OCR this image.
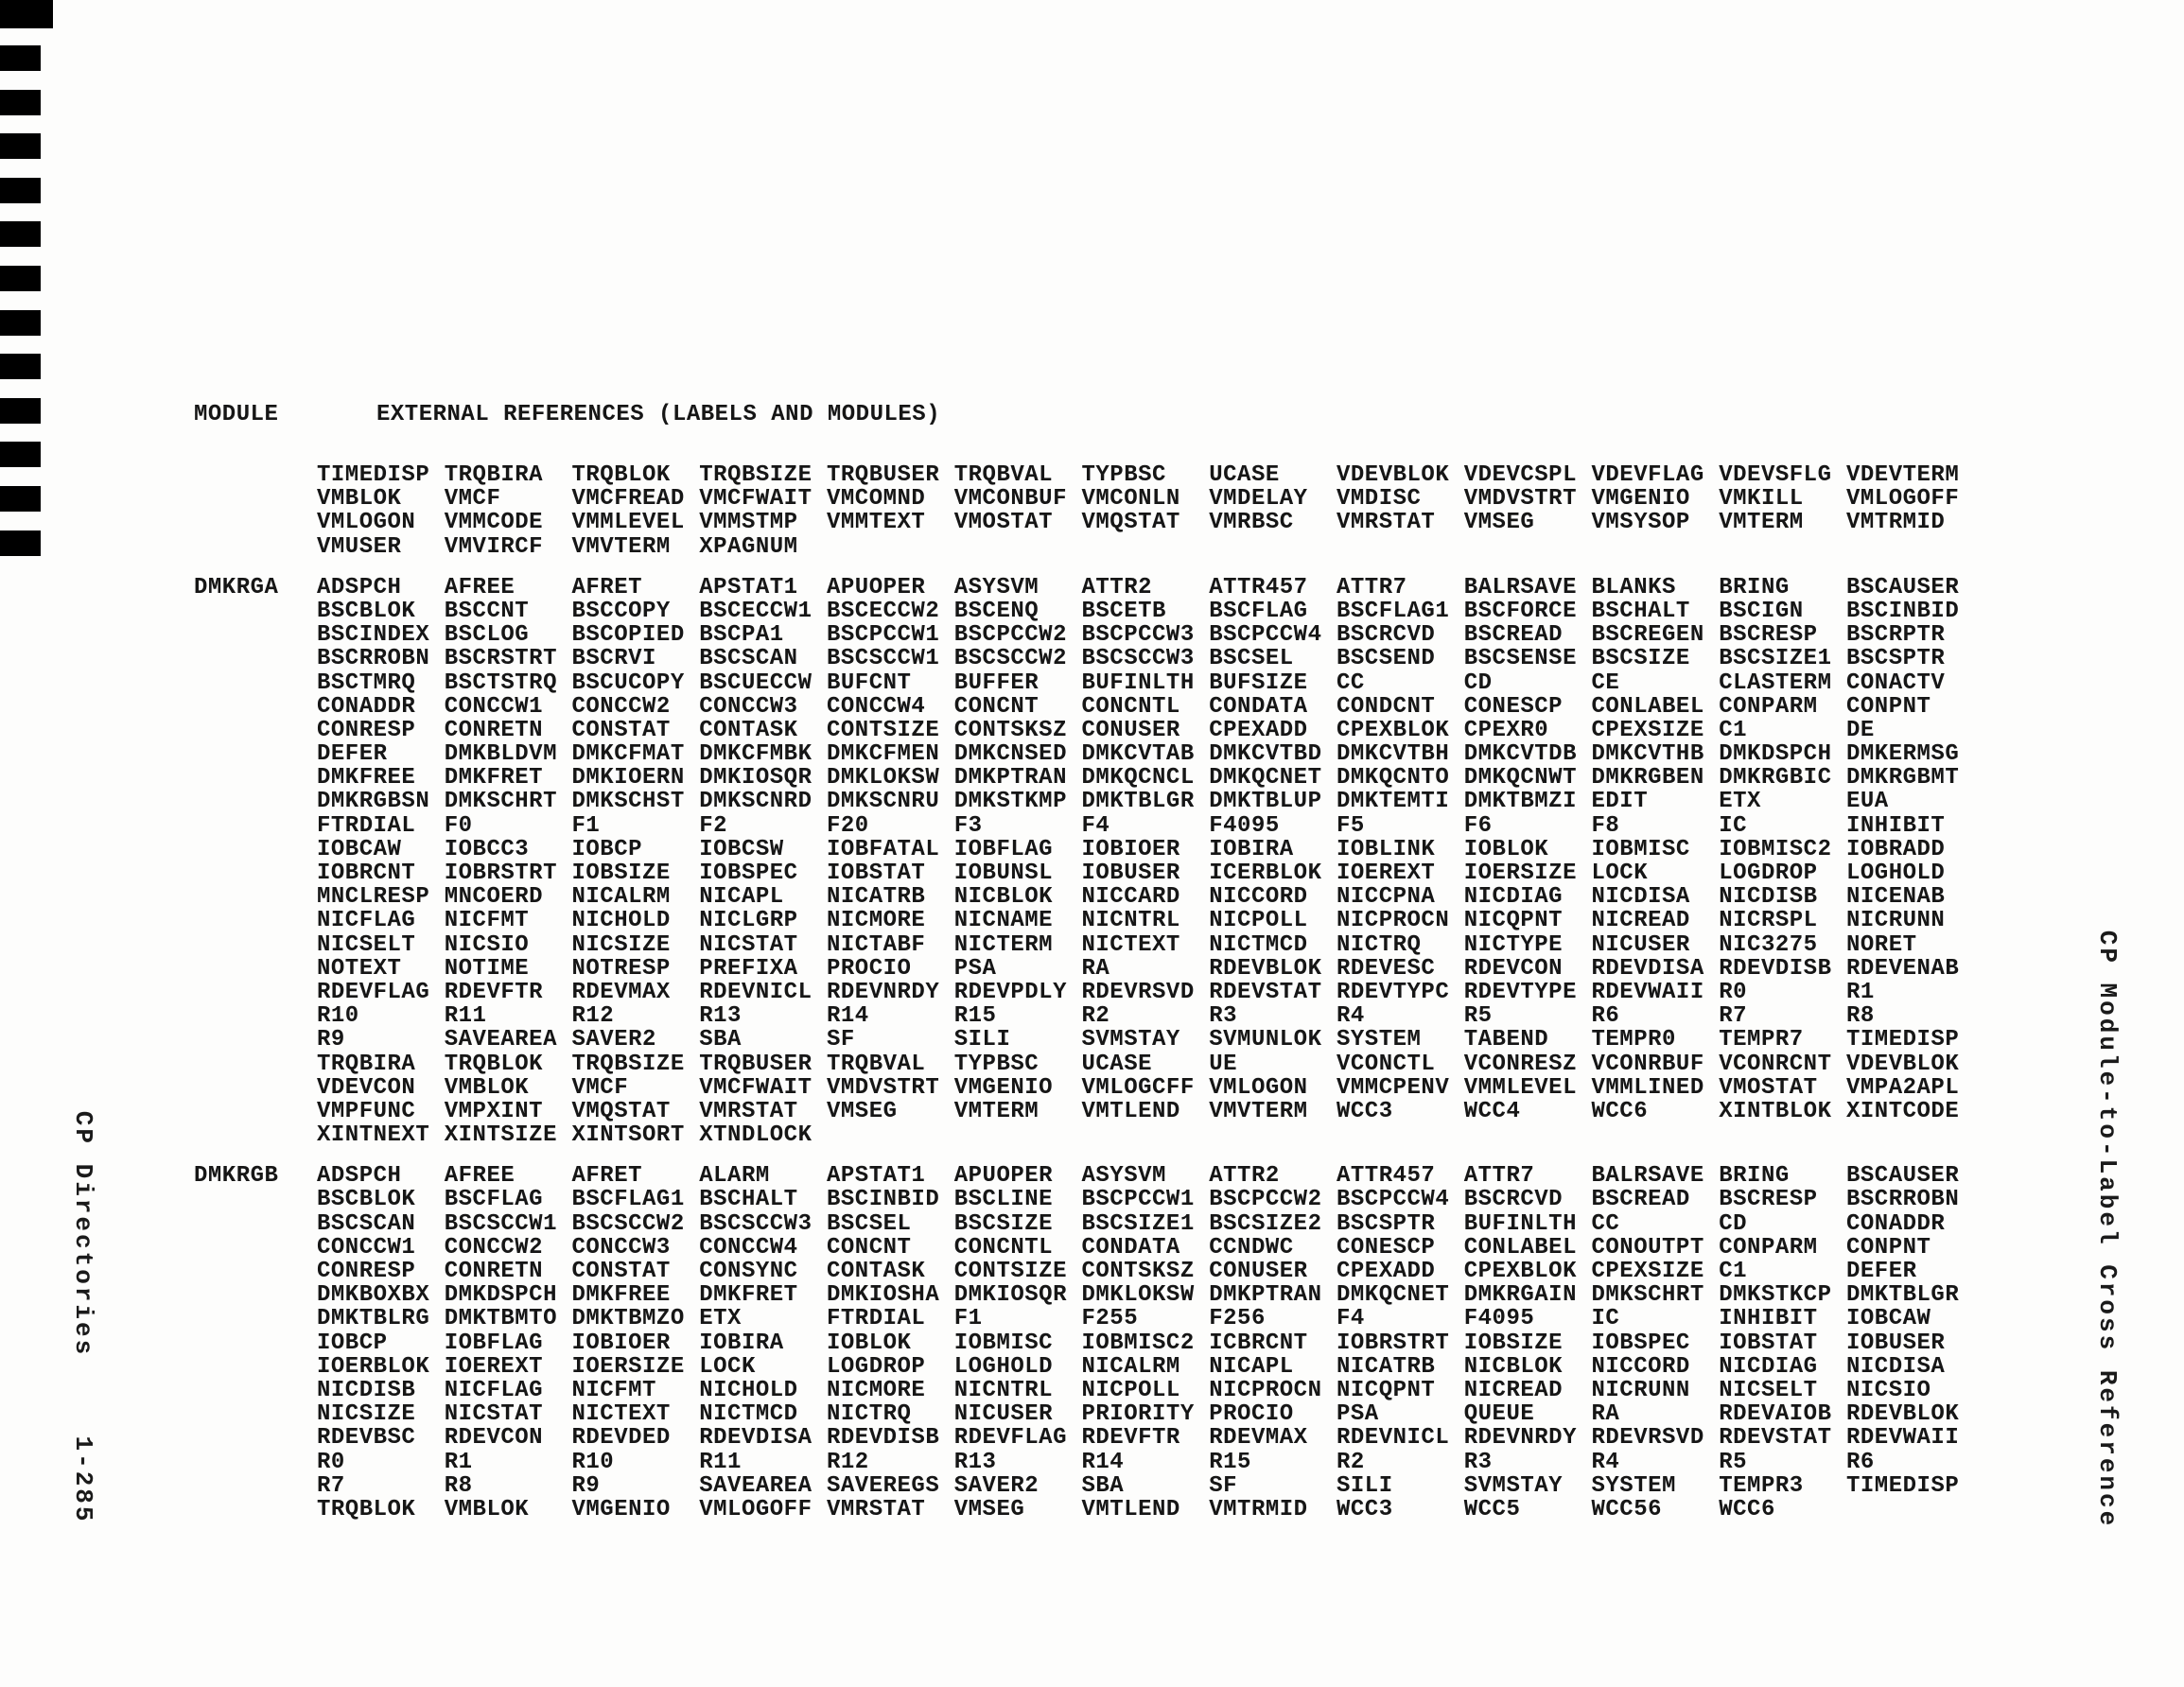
MODULE	EXTERNAL REFERENCES (LABELS AND MODULES)
TIMEDISP TRQBIRA TRQBLOK TRQBSIZE TRQBUSER TRQBVAL TYPBSC UCASE	VDEVBLOK VDEVCSPL VDEVFLAG VDEVSFLG VDEVTERM
VMBLOK VMCF	VMCFREAD VMCFWAIT VMCOMND VMCONBUF VMCONLN VMDELAY VMDISC VMDVSTRT VMGENIO VMKILL VMLOGOFF
VMLOGON VMMCODE VMMLEVEL VMMSTMP VMMTEXT VMOSTAT VMQSTAT VMRBSC VMRSTAT VMSEG	VMSYSOP VMTERM VMTRMID
VMUSER VMVIRCF VMVTERM XPAGNUM
DMKRGA ADSPCH AFREE	AFRET	APSTAT1 APUOPER ASYSVM ATTR2	ATTR457 ATTR7	BALRSAVE BLANKS BRING	BSCAUSER
BSCBLOK BSCCNT BSCCOPY BSCECCW1 BSCECCW2 BSCENQ BSCETB BSCFLAG BSCFLAG1 BSCFORCE BSCHALT BSCIGN BSCINBID
BSCINDEX BSCLOG BSCOPIED BSCPA1 BSCPCCW1 BSCPCCW2 BSCPCCW3 BSCPCCW4 BSCRCVD BSCREAD BSCREGEN BSCRESP BSCRPTR
BSCRROBN BSCRSTRT BSCRVI BSCSCAN BSCSCCW1 BSCSCCW2 BSCSCCW3 BSCSEL BSCSEND BSCSENSE BSCSIZE BSCSIZE1 BSCSPTR
BSCTMRQ BSCTSTRQ BSCUCOPY BSCUECCW BUFCNT BUFFER BUFINLTH BUFSIZE CC	CD	CE	CLASTERM CONACTV
CONADDR CONCCW1 CONCCW2 CONCCW3 CONCCW4 CONCNT CONCNTL CONDATA CONDCNT CONESCP CONLABEL CONPARM CONPNT
CONRESP CONRETN CONSTAT CONTASK CONTSIZE CONTSKSZ CONUSER CPEXADD CPEXBLOK CPEXR0 CPEXSIZE C1	DE
DEFER	DMKBLDVM DMKCFMAT DMKCFMBK DMKCFMEN DMKCNSED DMKCVTAB DMKCVTBD DMKCVTBH DMKCVTDB DMKCVTHB DMKDSPCH DMKERMSG
DMKFREE DMKFRET DMKIOERN DMKIOSQR DMKLOKSW DMKPTRAN DMKQCNCL DMKQCNET DMKQCNTO DMKQCNWT DMKRGBEN DMKRGBIC DMKRGBMT
DMKRGBSN DMKSCHRT DMKSCHST DMKSCNRD DMKSCNRU DMKSTKMP DMKTBLGR DMKTBLUP DMKTEMTI DMKTBMZI EDIT	ETX	EUA
FTRDIAL F0	F1	F2	F20	F3	F4	F4095	F5	F6	F8	IC	INHIBIT
IOBCAW IOBCC3 IOBCP	IOBCSW IOBFATAL IOBFLAG IOBIOER IOBIRA IOBLINK IOBLOK IOBMISC IOBMISC2 IOBRADD
IOBRCNT IOBRSTRT IOBSIZE IOBSPEC IOBSTAT IOBUNSL IOBUSER ICERBLOK IOEREXT IOERSIZE LOCK	LOGDROP LOGHOLD
MNCLRESP MNCOERD NICALRM NICAPL NICATRB NICBLOK NICCARD NICCORD NICCPNA NICDIAG NICDISA NICDISB NICENAB
NICFLAG NICFMT NICHOLD NICLGRP NICMORE NICNAME NICNTRL NICPOLL NICPROCN NICQPNT NICREAD NICRSPL NICRUNN
NICSELT NICSIO NICSIZE NICSTAT NICTABF NICTERM NICTEXT NICTMCD NICTRQ NICTYPE NICUSER NIC3275 NORET
NOTEXT NOTIME NOTRESP PREFIXA PROCIO PSA	RA	RDEVBLOK RDEVESC RDEVCON RDEVDISA RDEVDISB RDEVENAB
RDEVFLAG RDEVFTR RDEVMAX RDEVNICL RDEVNRDY RDEVPDLY RDEVRSVD RDEVSTAT RDEVTYPC RDEVTYPE RDEVWAII R0	R1
R10	R11	R12	R13	R14	R15	R2	R3	R4	R5	R6	R7	R8
R9	SAVEAREA SAVER2 SBA	SF	SILI	SVMSTAY SVMUNLOK SYSTEM TABEND TEMPR0 TEMPR7 TIMEDISP
TRQBIRA TRQBLOK TRQBSIZE TRQBUSER TRQBVAL TYPBSC UCASE	UE	VCONCTL VCONRESZ VCONRBUF VCONRCNT VDEVBLOK
VDEVCON VMBLOK VMCF	VMCFWAIT VMDVSTRT VMGENIO VMLOGCFF VMLOGON VMMCPENV VMMLEVEL VMMLINED VMOSTAT VMPA2APL
VMPFUNC VMPXINT VMQSTAT VMRSTAT VMSEG	VMTERM VMTLEND VMVTERM WCC3	WCC4	WCC6	XINTBLOK XINTCODE
XINTNEXT XINTSIZE XINTSORT XTNDLOCK
DMKRGB ADSPCH AFREE	AFRET	ALARM	APSTAT1 APUOPER ASYSVM ATTR2	ATTR457 ATTR7	BALRSAVE BRING	BSCAUSER
BSCBLOK BSCFLAG BSCFLAG1 BSCHALT BSCINBID BSCLINE BSCPCCW1 BSCPCCW2 BSCPCCW4 BSCRCVD BSCREAD BSCRESP BSCRROBN
BSCSCAN BSCSCCW1 BSCSCCW2 BSCSCCW3 BSCSEL BSCSIZE BSCSIZE1 BSCSIZE2 BSCSPTR BUFINLTH CC	CD	CONADDR
CONCCW1 CONCCW2 CONCCW3 CONCCW4 CONCNT CONCNTL CONDATA CCNDWC CONESCP CONLABEL CONOUTPT CONPARM CONPNT
CONRESP CONRETN CONSTAT CONSYNC CONTASK CONTSIZE CONTSKSZ CONUSER CPEXADD CPEXBLOK CPEXSIZE C1	DEFER
DMKBOXBX DMKDSPCH DMKFREE DMKFRET DMKIOSHA DMKIOSQR DMKLOKSW DMKPTRAN DMKQCNET DMKRGAIN DMKSCHRT DMKSTKCP DMKTBLGR
DMKTBLRG DMKTBMTO DMKTBMZO ETX	FTRDIAL F1	F255	F256	F4	F4095	IC	INHIBIT IOBCAW
IOBCP	IOBFLAG IOBIOER IOBIRA IOBLOK IOBMISC IOBMISC2 ICBRCNT IOBRSTRT IOBSIZE IOBSPEC IOBSTAT IOBUSER
IOERBLOK IOEREXT IOERSIZE LOCK	LOGDROP LOGHOLD NICALRM NICAPL NICATRB NICBLOK NICCORD NICDIAG NICDISA
NICDISB NICFLAG NICFMT NICHOLD NICMORE NICNTRL NICPOLL NICPROCN NICQPNT NICREAD NICRUNN NICSELT NICSIO
NICSIZE NICSTAT NICTEXT NICTMCD NICTRQ NICUSER PRIORITY PROCIO PSA	QUEUE	RA	RDEVAIOB RDEVBLOK
RDEVBSC RDEVCON RDEVDED RDEVDISA RDEVDISB RDEVFLAG RDEVFTR RDEVMAX RDEVNICL RDEVNRDY RDEVRSVD RDEVSTAT RDEVWAII
R0	R1	R10	R11	R12	R13	R14	R15	R2	R3	R4	R5	R6
R7	R8	R9	SAVEAREA SAVEREGS SAVER2 SBA	SF	SILI	SVMSTAY SYSTEM TEMPR3 TIMEDISP
TRQBLOK VMBLOK VMGENIO VMLOGOFF VMRSTAT VMSEG	VMTLEND VMTRMID WCC3	WCC5	WCC56	WCC6
CP Directories
1-285	CP Module-to-Label Cross Reference
